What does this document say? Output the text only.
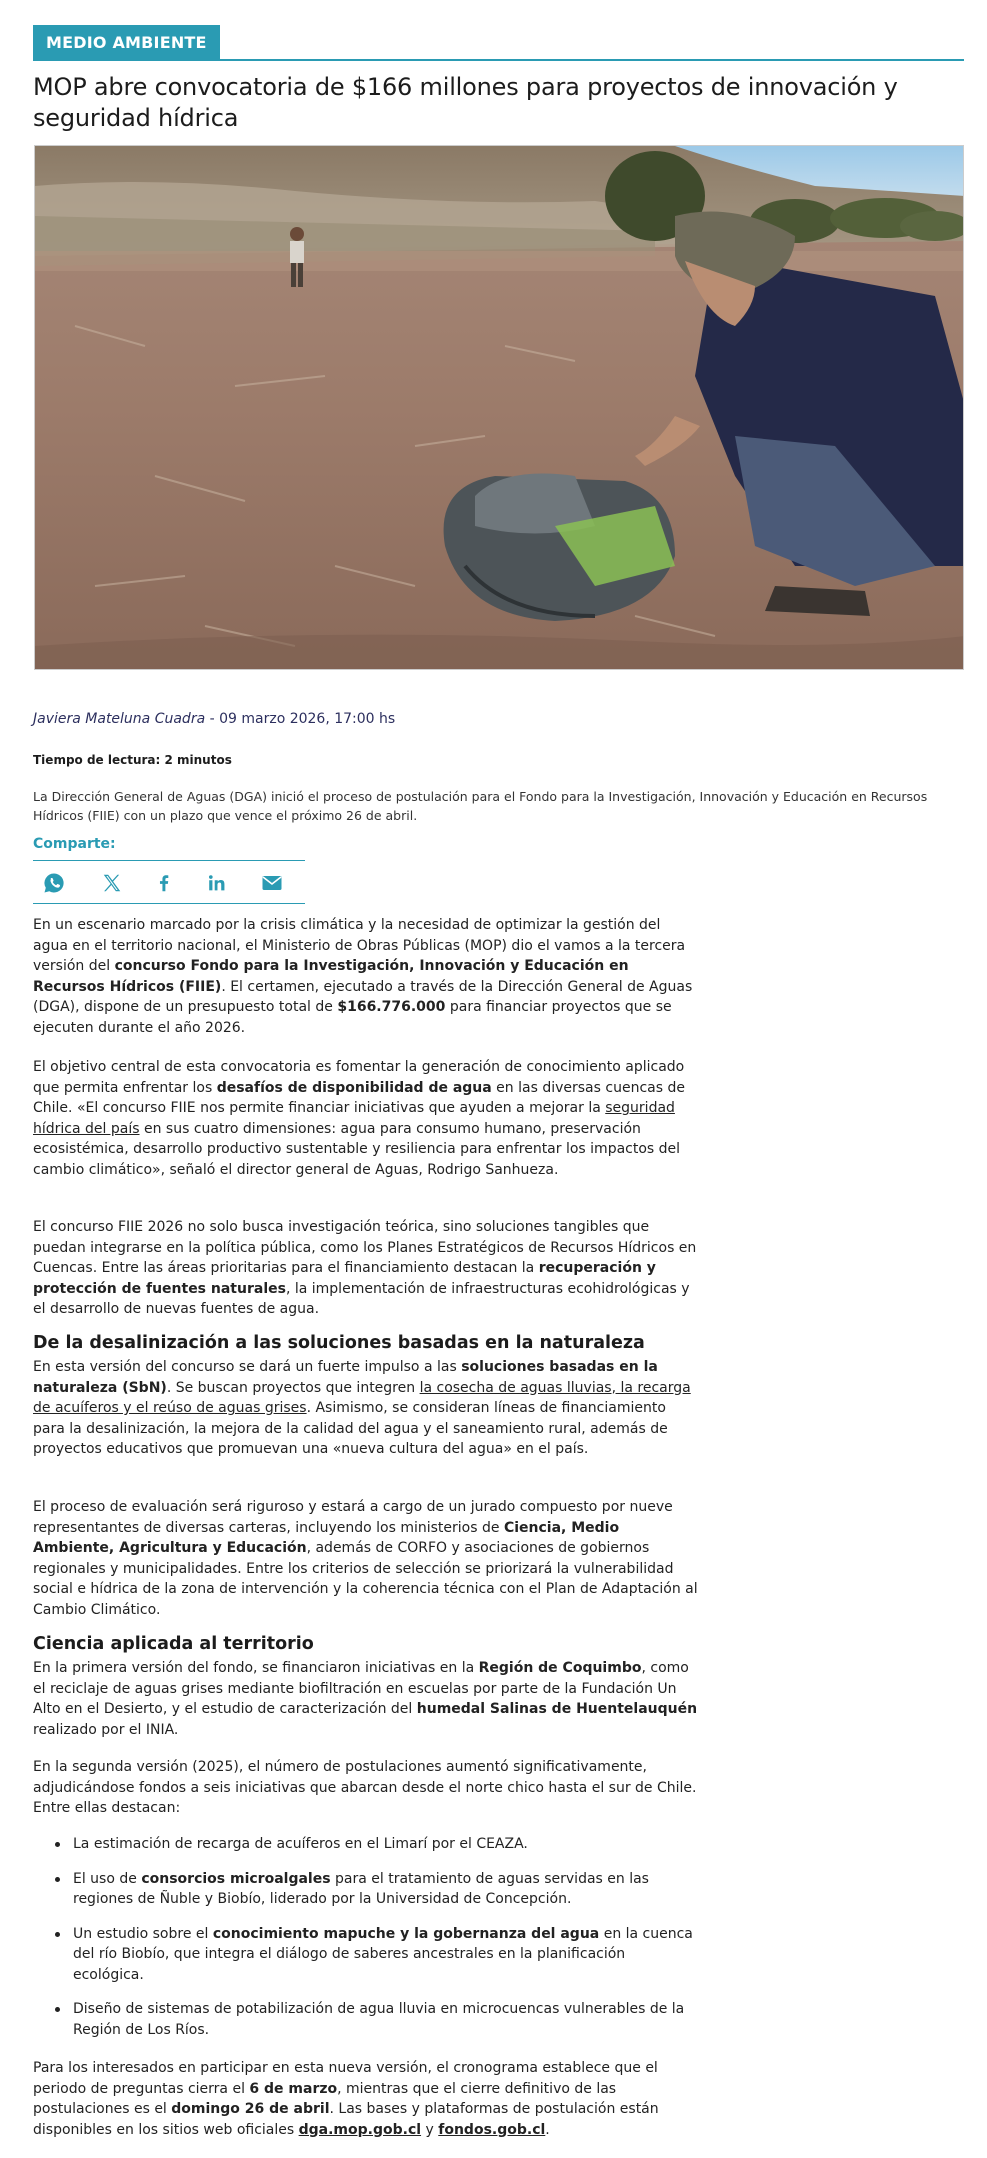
MEDIO AMBIENTE
MOP abre convocatoria de $166 millones para proyectos de innovación y seguridad hídrica
Javiera Mateluna Cuadra - 09 marzo 2026, 17:00 hs
Tiempo de lectura: 2 minutos

La Dirección General de Aguas (DGA) inició el proceso de postulación para el Fondo para la Investigación, Innovación y Educación en Recursos Hídricos (FIIE) con un plazo que vence el próximo 26 de abril.

Comparte:

En un escenario marcado por la crisis climática y la necesidad de optimizar la gestión del agua en el territorio nacional, el Ministerio de Obras Públicas (MOP) dio el vamos a la tercera versión del concurso Fondo para la Investigación, Innovación y Educación en Recursos Hídricos (FIIE). El certamen, ejecutado a través de la Dirección General de Aguas (DGA), dispone de un presupuesto total de $166.776.000 para financiar proyectos que se ejecuten durante el año 2026.

El objetivo central de esta convocatoria es fomentar la generación de conocimiento aplicado que permita enfrentar los desafíos de disponibilidad de agua en las diversas cuencas de Chile. «El concurso FIIE nos permite financiar iniciativas que ayuden a mejorar la seguridad hídrica del país en sus cuatro dimensiones: agua para consumo humano, preservación ecosistémica, desarrollo productivo sustentable y resiliencia para enfrentar los impactos del cambio climático», señaló el director general de Aguas, Rodrigo Sanhueza.

El concurso FIIE 2026 no solo busca investigación teórica, sino soluciones tangibles que puedan integrarse en la política pública, como los Planes Estratégicos de Recursos Hídricos en Cuencas. Entre las áreas prioritarias para el financiamiento destacan la recuperación y protección de fuentes naturales, la implementación de infraestructuras ecohidrológicas y el desarrollo de nuevas fuentes de agua.

De la desalinización a las soluciones basadas en la naturaleza

En esta versión del concurso se dará un fuerte impulso a las soluciones basadas en la naturaleza (SbN). Se buscan proyectos que integren la cosecha de aguas lluvias, la recarga de acuíferos y el reúso de aguas grises. Asimismo, se consideran líneas de financiamiento para la desalinización, la mejora de la calidad del agua y el saneamiento rural, además de proyectos educativos que promuevan una «nueva cultura del agua» en el país.

El proceso de evaluación será riguroso y estará a cargo de un jurado compuesto por nueve representantes de diversas carteras, incluyendo los ministerios de Ciencia, Medio Ambiente, Agricultura y Educación, además de CORFO y asociaciones de gobiernos regionales y municipalidades. Entre los criterios de selección se priorizará la vulnerabilidad social e hídrica de la zona de intervención y la coherencia técnica con el Plan de Adaptación al Cambio Climático.

Ciencia aplicada al territorio

En la primera versión del fondo, se financiaron iniciativas en la Región de Coquimbo, como el reciclaje de aguas grises mediante biofiltración en escuelas por parte de la Fundación Un Alto en el Desierto, y el estudio de caracterización del humedal Salinas de Huentelauquén realizado por el INIA.

En la segunda versión (2025), el número de postulaciones aumentó significativamente, adjudicándose fondos a seis iniciativas que abarcan desde el norte chico hasta el sur de Chile. Entre ellas destacan:

La estimación de recarga de acuíferos en el Limarí por el CEAZA.
El uso de consorcios microalgales para el tratamiento de aguas servidas en las regiones de Ñuble y Biobío, liderado por la Universidad de Concepción.
Un estudio sobre el conocimiento mapuche y la gobernanza del agua en la cuenca del río Biobío, que integra el diálogo de saberes ancestrales en la planificación ecológica.
Diseño de sistemas de potabilización de agua lluvia en microcuencas vulnerables de la Región de Los Ríos.

Para los interesados en participar en esta nueva versión, el cronograma establece que el periodo de preguntas cierra el 6 de marzo, mientras que el cierre definitivo de las postulaciones es el domingo 26 de abril. Las bases y plataformas de postulación están disponibles en los sitios web oficiales dga.mop.gob.cl y fondos.gob.cl.
